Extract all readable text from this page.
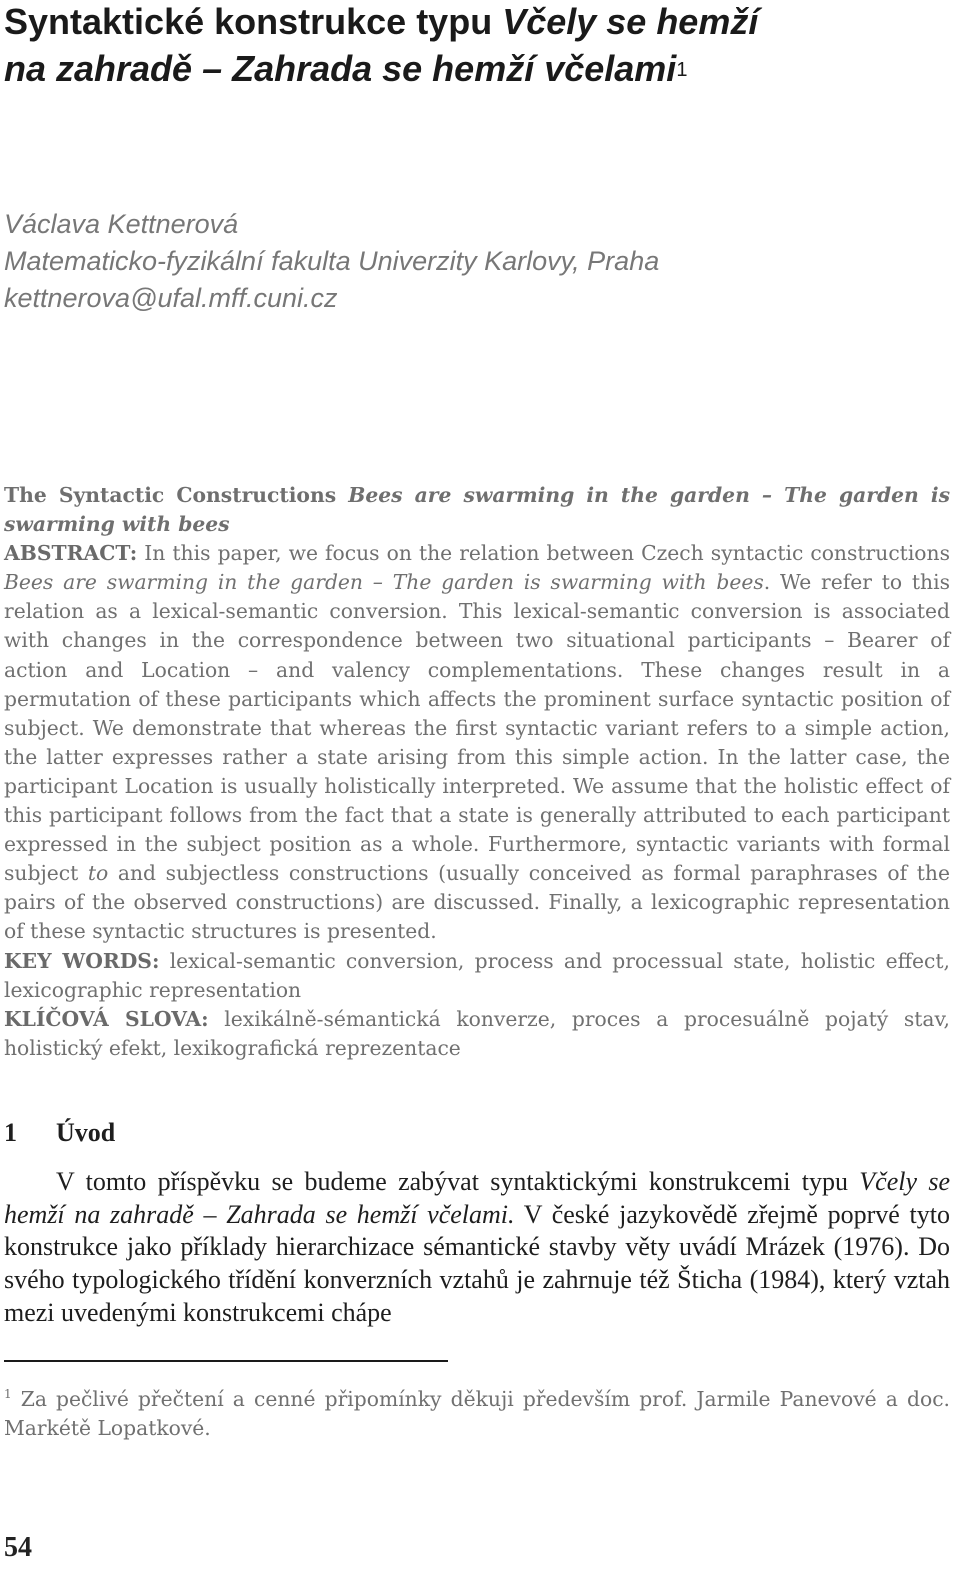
Syntaktické konstrukce typu Včely se hemží
na zahradě – Zahrada se hemží včelami$^1$
Václava Kettnerová
Matematicko-fyzikální fakulta Univerzity Karlovy, Praha
kettnerova@ufal.mff.cuni.cz

The Syntactic Constructions Bees are swarming in the garden – The garden is swarming with bees

ABSTRACT: In this paper, we focus on the relation between Czech syntactic constructions Bees are swarming in the garden – The garden is swarming with bees. We refer to this relation as a lexical-semantic conversion. This lexical-semantic conversion is associated with changes in the correspondence between two situational participants – Bearer of action and Location – and valency complementations. These changes result in a permutation of these participants which affects the prominent surface syntactic position of subject. We demonstrate that whereas the first syntactic variant refers to a simple action, the latter expresses rather a state arising from this simple action. In the latter case, the participant Location is usually holistically interpreted. We assume that the holistic effect of this participant follows from the fact that a state is generally attributed to each participant expressed in the subject position as a whole. Furthermore, syntactic variants with formal subject to and subjectless constructions (usually conceived as formal paraphrases of the pairs of the observed constructions) are discussed. Finally, a lexicographic representation of these syntactic structures is presented.

KEY WORDS: lexical-semantic conversion, process and processual state, holistic effect, lexicographic representation

KLÍČOVÁ SLOVA: lexikálně-sémantická konverze, proces a procesuálně pojatý stav, holistický efekt, lexikografická reprezentace

1 Úvod

V tomto příspěvku se budeme zabývat syntaktickými konstrukcemi typu Včely se hemží na zahradě – Zahrada se hemží včelami. V české jazykovědě zřejmě poprvé tyto konstrukce jako příklady hierarchizace sémantické stavby věty uvádí Mrázek (1976). Do svého typologického třídění konverzních vztahů je zahrnuje též Šticha (1984), který vztah mezi uvedenými konstrukcemi chápe

$^1$ Za pečlivé přečtení a cenné připomínky děkuji především prof. Jarmile Panevové a doc. Markétě Lopatkové.
54
